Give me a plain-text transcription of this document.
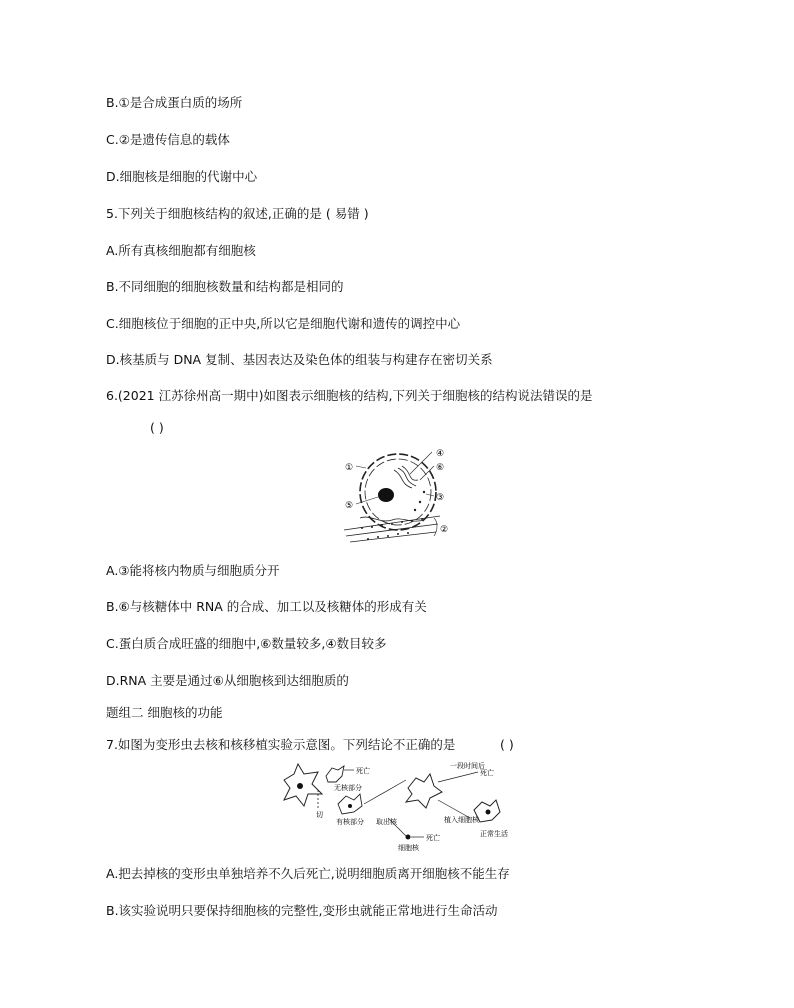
B.①是合成蛋白质的场所
C.②是遗传信息的载体
D.细胞核是细胞的代谢中心
5.下列关于细胞核结构的叙述,正确的是 ( 易错 )
A.所有真核细胞都有细胞核
B.不同细胞的细胞核数量和结构都是相同的
C.细胞核位于细胞的正中央,所以它是细胞代谢和遗传的调控中心
D.核基质与 DNA 复制、基因表达及染色体的组装与构建存在密切关系
6.(2021 江苏徐州高一期中)如图表示细胞核的结构,下列关于细胞核的结构说法错误的是
( )
①
⑤
③
④
⑥
②
A.③能将核内物质与细胞质分开
B.⑥与核糖体中 RNA 的合成、加工以及核糖体的形成有关
C.蛋白质合成旺盛的细胞中,⑥数量较多,④数目较多
D.RNA 主要是通过⑥从细胞核到达细胞质的
题组二 细胞核的功能
7.如图为变形虫去核和核移植实验示意图。下列结论不正确的是	( )
切
死亡
无核部分
有核部分 取出核
死亡
细胞核
一段时间后
死亡
植入细胞核
正常生活
A.把去掉核的变形虫单独培养不久后死亡,说明细胞质离开细胞核不能生存
B.该实验说明只要保持细胞核的完整性,变形虫就能正常地进行生命活动
